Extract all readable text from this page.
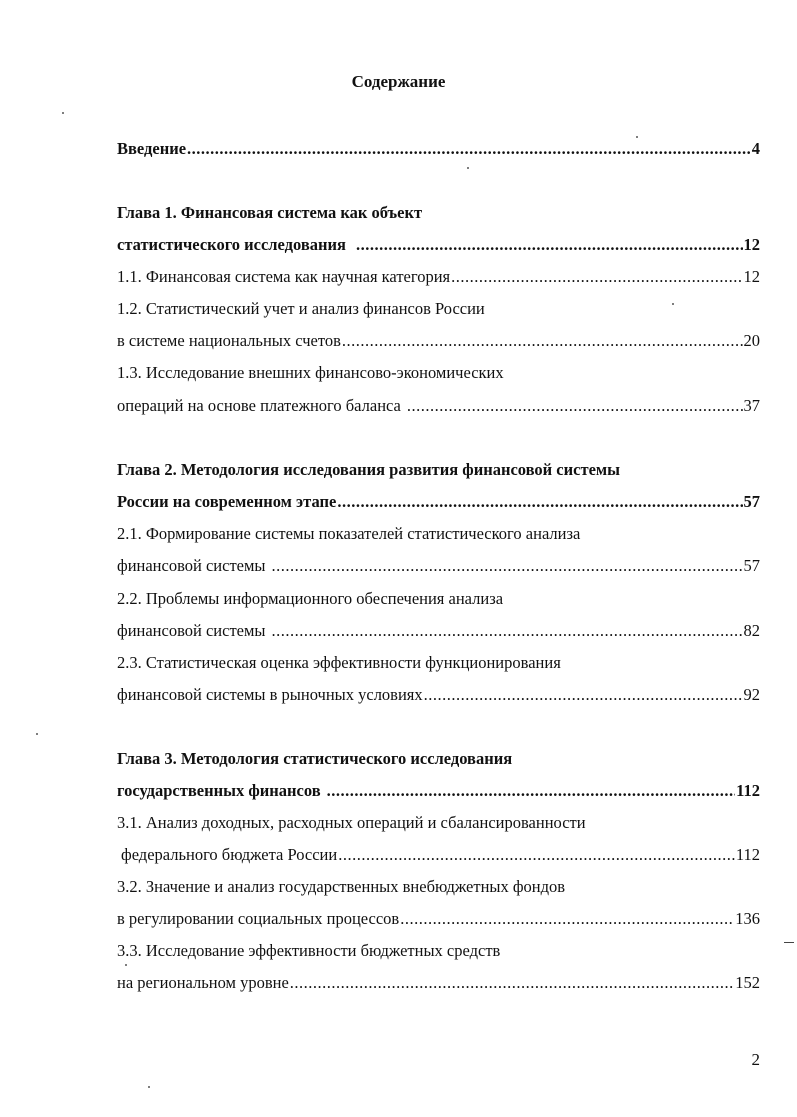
Содержание
Введение .....	4
Глава 1. Финансовая система как объект
статистического исследования .....	12
1.1. Финансовая система как научная категория .....	12
1.2. Статистический учет и анализ финансов России
в системе национальных счетов .....	20
1.3. Исследование внешних финансово-экономических
операций на основе платежного баланса .....	37
Глава 2. Методология исследования развития финансовой системы
России на современном этапе .....	57
2.1. Формирование системы показателей статистического анализа
финансовой системы .....	57
2.2. Проблемы информационного обеспечения анализа
финансовой системы .....	82
2.3. Статистическая оценка эффективности функционирования
финансовой системы в рыночных условиях .....	92
Глава 3. Методология статистического исследования
государственных финансов .....	112
3.1. Анализ доходных, расходных операций и сбалансированности
федерального бюджета России .....	112
3.2. Значение и анализ государственных внебюджетных фондов
в регулировании социальных процессов .....	136
3.3. Исследование эффективности бюджетных средств
на региональном уровне .....	152
2
